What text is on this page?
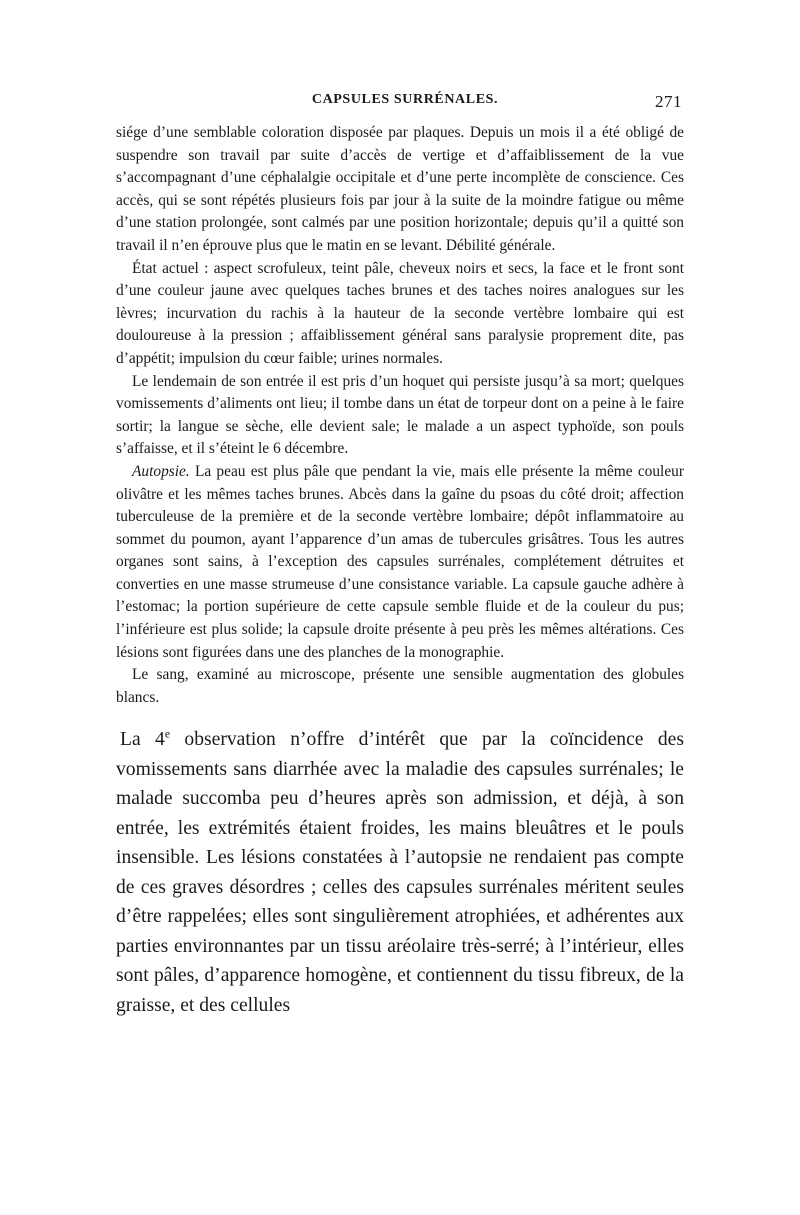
CAPSULES SURRÉNALES.	271

siége d’une semblable coloration disposée par plaques. Depuis un mois il a été obligé de suspendre son travail par suite d’accès de vertige et d’affaiblissement de la vue s’accompagnant d’une céphalalgie occipitale et d’une perte incomplète de conscience. Ces accès, qui se sont répétés plusieurs fois par jour à la suite de la moindre fatigue ou même d’une station prolongée, sont calmés par une position horizontale; depuis qu’il a quitté son travail il n’en éprouve plus que le matin en se levant. Débilité générale.

État actuel : aspect scrofuleux, teint pâle, cheveux noirs et secs, la face et le front sont d’une couleur jaune avec quelques taches brunes et des taches noires analogues sur les lèvres; incurvation du rachis à la hauteur de la seconde vertèbre lombaire qui est douloureuse à la pression ; affaiblissement général sans paralysie proprement dite, pas d’appétit; impulsion du cœur faible; urines normales.

Le lendemain de son entrée il est pris d’un hoquet qui persiste jusqu’à sa mort; quelques vomissements d’aliments ont lieu; il tombe dans un état de torpeur dont on a peine à le faire sortir; la langue se sèche, elle devient sale; le malade a un aspect typhoïde, son pouls s’affaisse, et il s’éteint le 6 décembre.

Autopsie. La peau est plus pâle que pendant la vie, mais elle présente la même couleur olivâtre et les mêmes taches brunes. Abcès dans la gaîne du psoas du côté droit; affection tuberculeuse de la première et de la seconde vertèbre lombaire; dépôt inflammatoire au sommet du poumon, ayant l’apparence d’un amas de tubercules grisâtres. Tous les autres organes sont sains, à l’exception des capsules surrénales, complétement détruites et converties en une masse strumeuse d’une consistance variable. La capsule gauche adhère à l’estomac; la portion supérieure de cette capsule semble fluide et de la couleur du pus; l’inférieure est plus solide; la capsule droite présente à peu près les mêmes altérations. Ces lésions sont figurées dans une des planches de la monographie.

Le sang, examiné au microscope, présente une sensible augmentation des globules blancs.

La 4e observation n’offre d’intérêt que par la coïncidence des vomissements sans diarrhée avec la maladie des capsules surrénales; le malade succomba peu d’heures après son admission, et déjà, à son entrée, les extrémités étaient froides, les mains bleuâtres et le pouls insensible. Les lésions constatées à l’autopsie ne rendaient pas compte de ces graves désordres ; celles des capsules surrénales méritent seules d’être rappelées; elles sont singulièrement atrophiées, et adhérentes aux parties environnantes par un tissu aréolaire très-serré; à l’intérieur, elles sont pâles, d’apparence homogène, et contiennent du tissu fibreux, de la graisse, et des cellules
